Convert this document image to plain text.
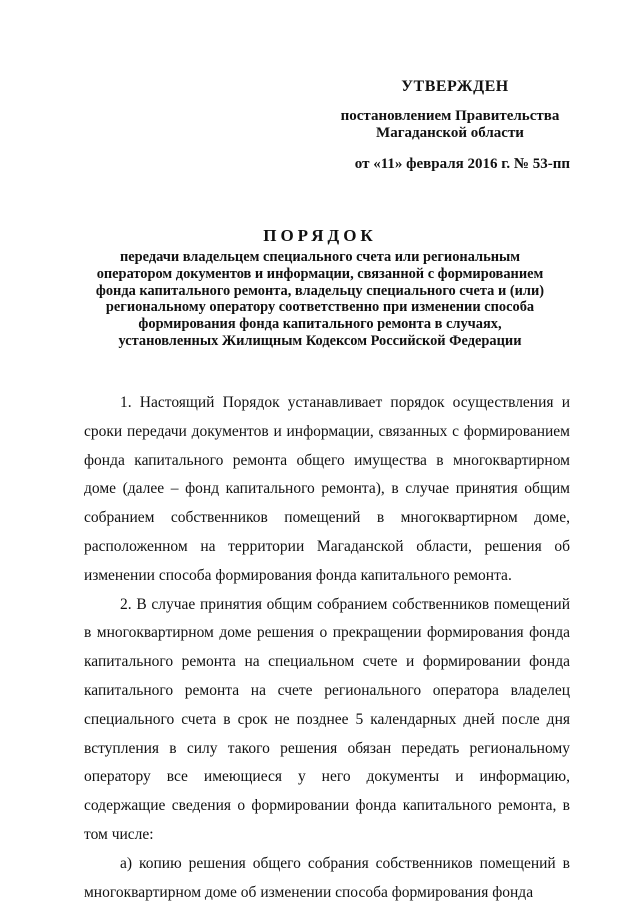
УТВЕРЖДЕН
постановлением Правительства
Магаданской области
от «11» февраля 2016 г. № 53-пп
ПОРЯДОК
передачи владельцем специального счета или региональным
оператором документов и информации, связанной с формированием
фонда капитального ремонта, владельцу специального счета и (или)
региональному оператору соответственно при изменении способа
формирования фонда капитального ремонта в случаях,
установленных Жилищным Кодексом Российской Федерации

1. Настоящий Порядок устанавливает порядок осуществления и сроки передачи документов и информации, связанных с формированием фонда капитального ремонта общего имущества в многоквартирном доме (далее – фонд капитального ремонта), в случае принятия общим собранием собственников помещений в многоквартирном доме, расположенном на территории Магаданской области, решения об изменении способа формирования фонда капитального ремонта.

2. В случае принятия общим собранием собственников помещений в многоквартирном доме решения о прекращении формирования фонда капитального ремонта на специальном счете и формировании фонда капитального ремонта на счете регионального оператора владелец специального счета в срок не позднее 5 календарных дней после дня вступления в силу такого решения обязан передать региональному оператору все имеющиеся у него документы и информацию, содержащие сведения о формировании фонда капитального ремонта, в том числе:

а) копию решения общего собрания собственников помещений в многоквартирном доме об изменении способа формирования фонда
